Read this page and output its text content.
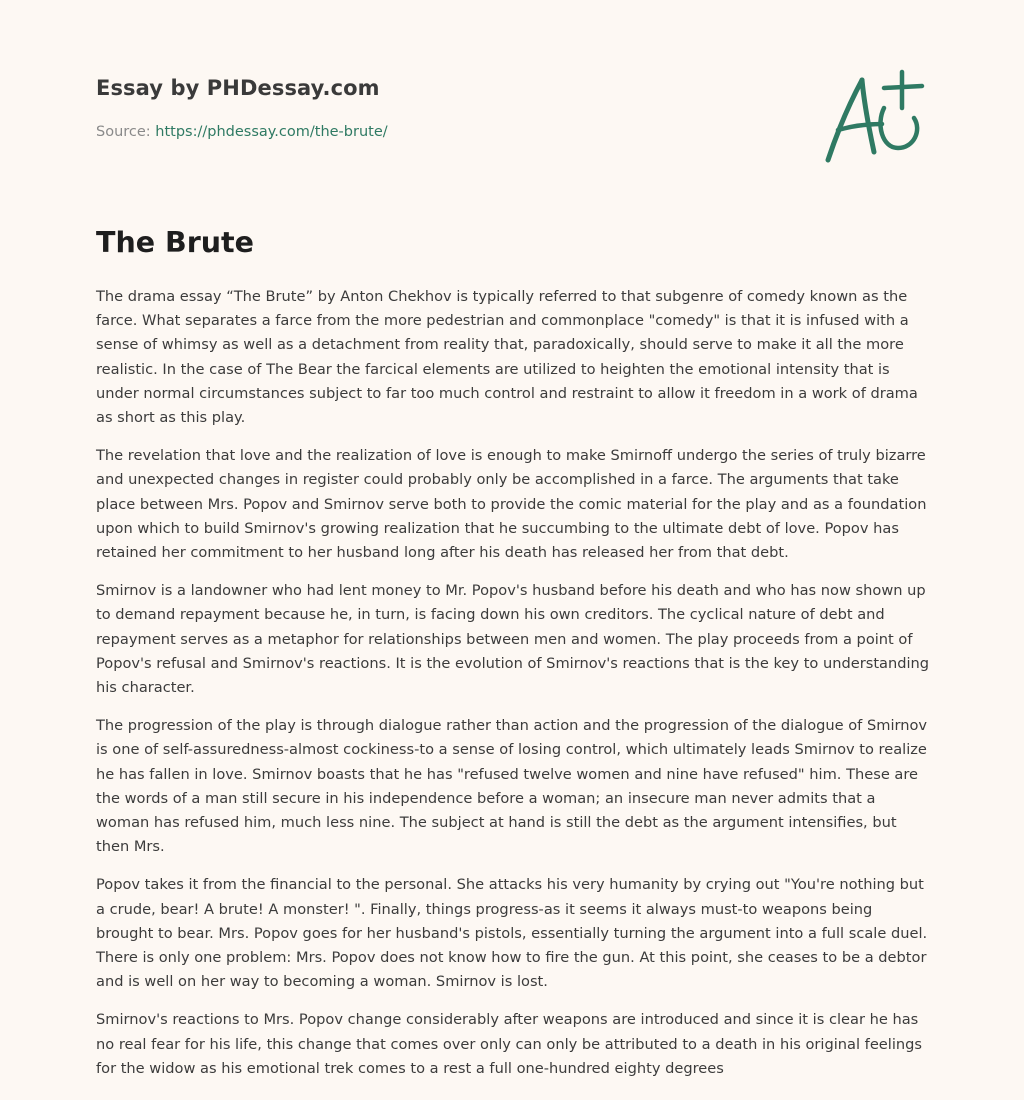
Essay by PHDessay.com

Source: https://phdessay.com/the-brute/

The Brute

The drama essay “The Brute” by Anton Chekhov is typically referred to that subgenre of comedy known as the farce. What separates a farce from the more pedestrian and commonplace "comedy" is that it is infused with a sense of whimsy as well as a detachment from reality that, paradoxically, should serve to make it all the more realistic. In the case of The Bear the farcical elements are utilized to heighten the emotional intensity that is under normal circumstances subject to far too much control and restraint to allow it freedom in a work of drama as short as this play.

The revelation that love and the realization of love is enough to make Smirnoff undergo the series of truly bizarre and unexpected changes in register could probably only be accomplished in a farce. The arguments that take place between Mrs. Popov and Smirnov serve both to provide the comic material for the play and as a foundation upon which to build Smirnov's growing realization that he succumbing to the ultimate debt of love. Popov has retained her commitment to her husband long after his death has released her from that debt.

Smirnov is a landowner who had lent money to Mr. Popov's husband before his death and who has now shown up to demand repayment because he, in turn, is facing down his own creditors. The cyclical nature of debt and repayment serves as a metaphor for relationships between men and women. The play proceeds from a point of Popov's refusal and Smirnov's reactions. It is the evolution of Smirnov's reactions that is the key to understanding his character.

The progression of the play is through dialogue rather than action and the progression of the dialogue of Smirnov is one of self-assuredness-almost cockiness-to a sense of losing control, which ultimately leads Smirnov to realize he has fallen in love. Smirnov boasts that he has "refused twelve women and nine have refused" him. These are the words of a man still secure in his independence before a woman; an insecure man never admits that a woman has refused him, much less nine. The subject at hand is still the debt as the argument intensifies, but then Mrs.

Popov takes it from the financial to the personal. She attacks his very humanity by crying out "You're nothing but a crude, bear! A brute! A monster! ". Finally, things progress-as it seems it always must-to weapons being brought to bear. Mrs. Popov goes for her husband's pistols, essentially turning the argument into a full scale duel. There is only one problem: Mrs. Popov does not know how to fire the gun. At this point, she ceases to be a debtor and is well on her way to becoming a woman. Smirnov is lost.

Smirnov's reactions to Mrs. Popov change considerably after weapons are introduced and since it is clear he has no real fear for his life, this change that comes over only can only be attributed to a death in his original feelings for the widow as his emotional trek comes to a rest a full one-hundred eighty degrees
